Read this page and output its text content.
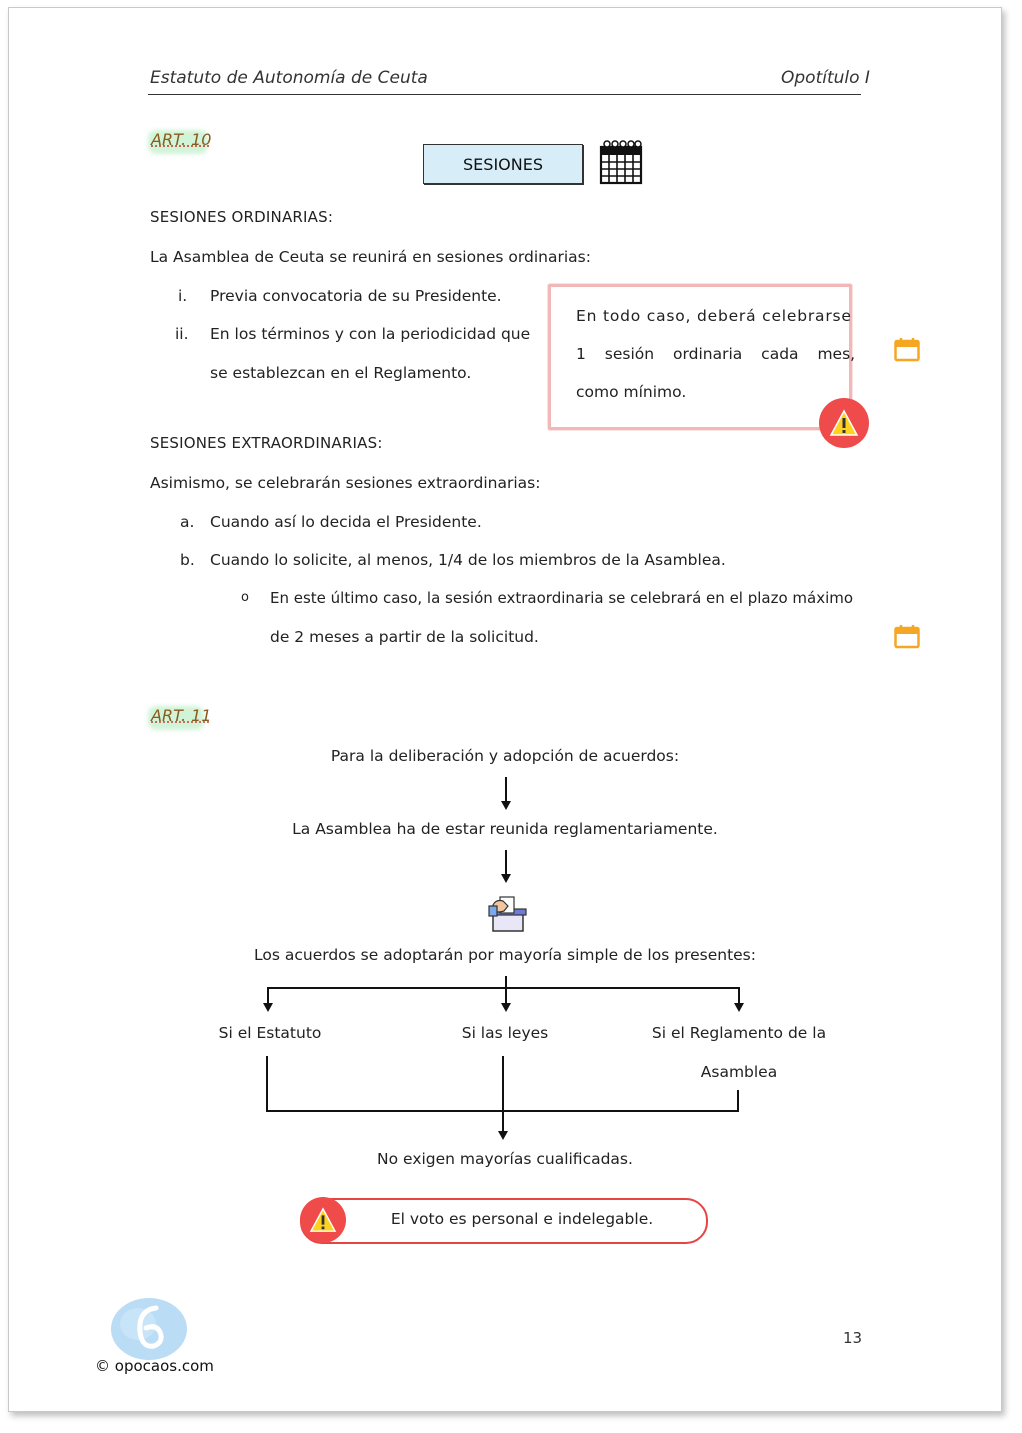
Estatuto de Autonomía de Ceuta	Opotítulo I
ART. 10
SESIONES
SESIONES ORDINARIAS:
La Asamblea de Ceuta se reunirá en sesiones ordinarias:
i. Previa convocatoria de su Presidente.
ii. En los términos y con la periodicidad que
se establezcan en el Reglamento.
En todo caso, deberá celebrarse
1 sesión ordinaria cada mes,
como mínimo.
SESIONES EXTRAORDINARIAS:
Asimismo, se celebrarán sesiones extraordinarias:
a. Cuando así lo decida el Presidente.
b. Cuando lo solicite, al menos, 1/4 de los miembros de la Asamblea.
o En este último caso, la sesión extraordinaria se celebrará en el plazo máximo
de 2 meses a partir de la solicitud.
ART. 11
Para la deliberación y adopción de acuerdos:
La Asamblea ha de estar reunida reglamentariamente.
Los acuerdos se adoptarán por mayoría simple de los presentes:
Si el Estatuto	Si las leyes	Si el Reglamento de la
Asamblea
No exigen mayorías cualificadas.
El voto es personal e indelegable.
© opocaos.com
13
